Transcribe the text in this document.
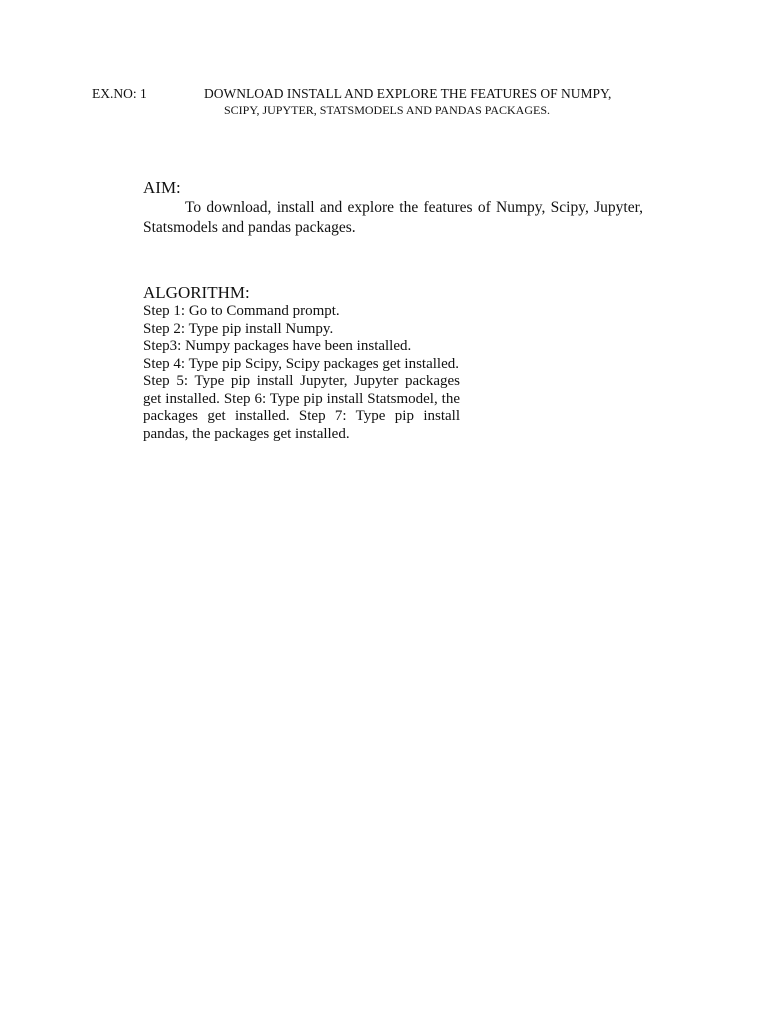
EX.NO: 1	DOWNLOAD INSTALL AND EXPLORE THE FEATURES OF NUMPY,
SCIPY, JUPYTER, STATSMODELS AND PANDAS PACKAGES.
AIM:

To download, install and explore the features of Numpy, Scipy, Jupyter, Statsmodels and pandas packages.

ALGORITHM:
Step 1: Go to Command prompt.
Step 2: Type pip install Numpy.
Step3: Numpy packages have been installed.
Step 4: Type pip Scipy, Scipy packages get installed.

Step 5: Type pip install Jupyter, Jupyter packages get installed. Step 6: Type pip install Statsmodel, the packages get installed. Step 7: Type pip install pandas, the packages get installed.
